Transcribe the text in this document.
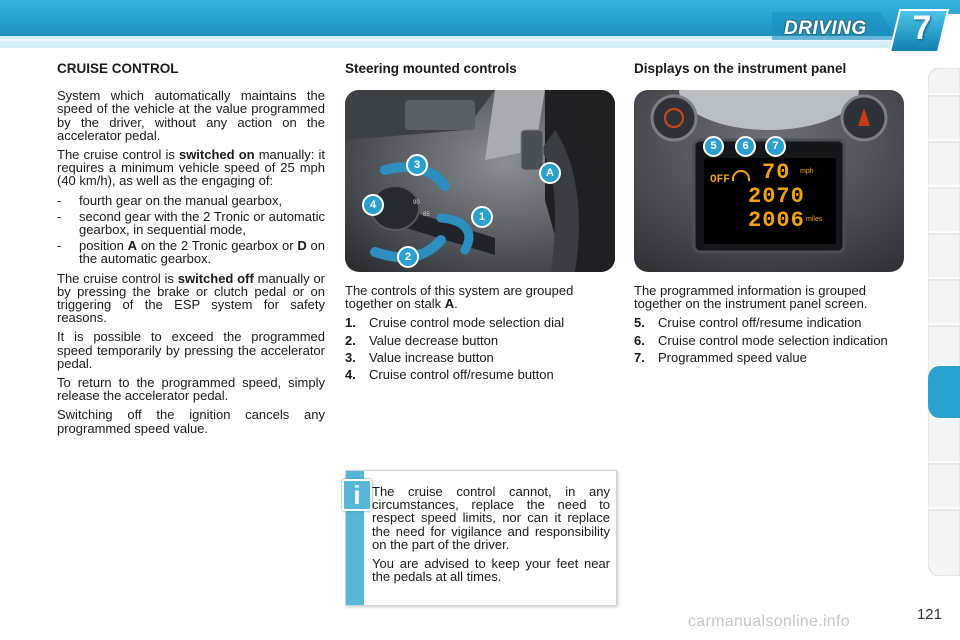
DRIVING 7
CRUISE CONTROL

System which automatically maintains the speed of the vehicle at the value programmed by the driver, without any action on the accelerator pedal.

The cruise control is switched on manually: it requires a minimum vehicle speed of 25 mph (40 km/h), as well as the engaging of:

- fourth gear on the manual gearbox,
- second gear with the 2 Tronic or automatic gearbox, in sequential mode,
- position A on the 2 Tronic gearbox or D on the automatic gearbox.

The cruise control is switched off manually or by pressing the brake or clutch pedal or on triggering of the ESP system for safety reasons.

It is possible to exceed the programmed speed temporarily by pressing the accelerator pedal.

To return to the programmed speed, simply release the accelerator pedal.

Switching off the ignition cancels any programmed speed value.

Steering mounted controls
90
85
3
4
1
2
A

The controls of this system are grouped together on stalk A.

1. Cruise control mode selection dial
2. Value decrease button
3. Value increase button
4. Cruise control off/resume button
Displays on the instrument panel
5	6	7
OFF 70 mph
2070
2006 miles

The programmed information is grouped together on the instrument panel screen.

5. Cruise control off/resume indication
6. Cruise control mode selection indication
7. Programmed speed value
i The cruise control cannot, in any circumstances, replace the need to respect speed limits, nor can it replace the need for vigilance and responsibility on the part of the driver.

You are advised to keep your feet near the pedals at all times.

121
carmanualsonline.info
